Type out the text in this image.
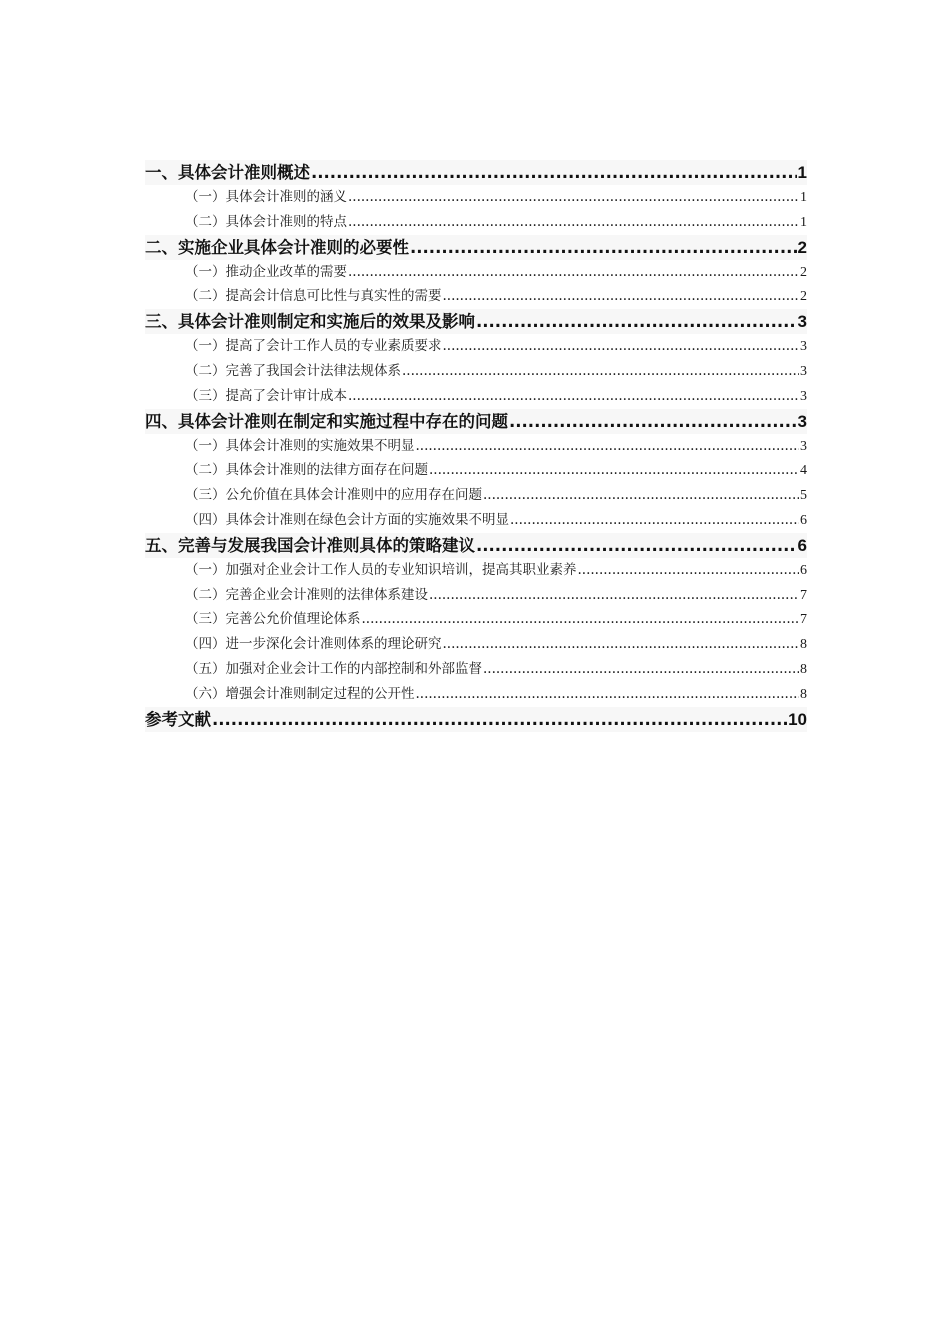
一、具体会计准则概述 .....	1
（一）具体会计准则的涵义 .....	1
（二）具体会计准则的特点 .....	1
二、实施企业具体会计准则的必要性 .....	2
（一）推动企业改革的需要 .....	2
（二）提高会计信息可比性与真实性的需要 .....	2
三、具体会计准则制定和实施后的效果及影响 .....	3
（一）提高了会计工作人员的专业素质要求 .....	3
（二）完善了我国会计法律法规体系 .....	3
（三）提高了会计审计成本 .....	3
四、具体会计准则在制定和实施过程中存在的问题 .....	3
（一）具体会计准则的实施效果不明显 .....	3
（二）具体会计准则的法律方面存在问题 .....	4
（三）公允价值在具体会计准则中的应用存在问题 .....	5
（四）具体会计准则在绿色会计方面的实施效果不明显 .....	6
五、完善与发展我国会计准则具体的策略建议 .....	6
（一）加强对企业会计工作人员的专业知识培训，提高其职业素养 .....	6
（二）完善企业会计准则的法律体系建设 .....	7
（三）完善公允价值理论体系 .....	7
（四）进一步深化会计准则体系的理论研究 .....	8
（五）加强对企业会计工作的内部控制和外部监督 .....	8
（六）增强会计准则制定过程的公开性 .....	8
参考文献 .....	10
